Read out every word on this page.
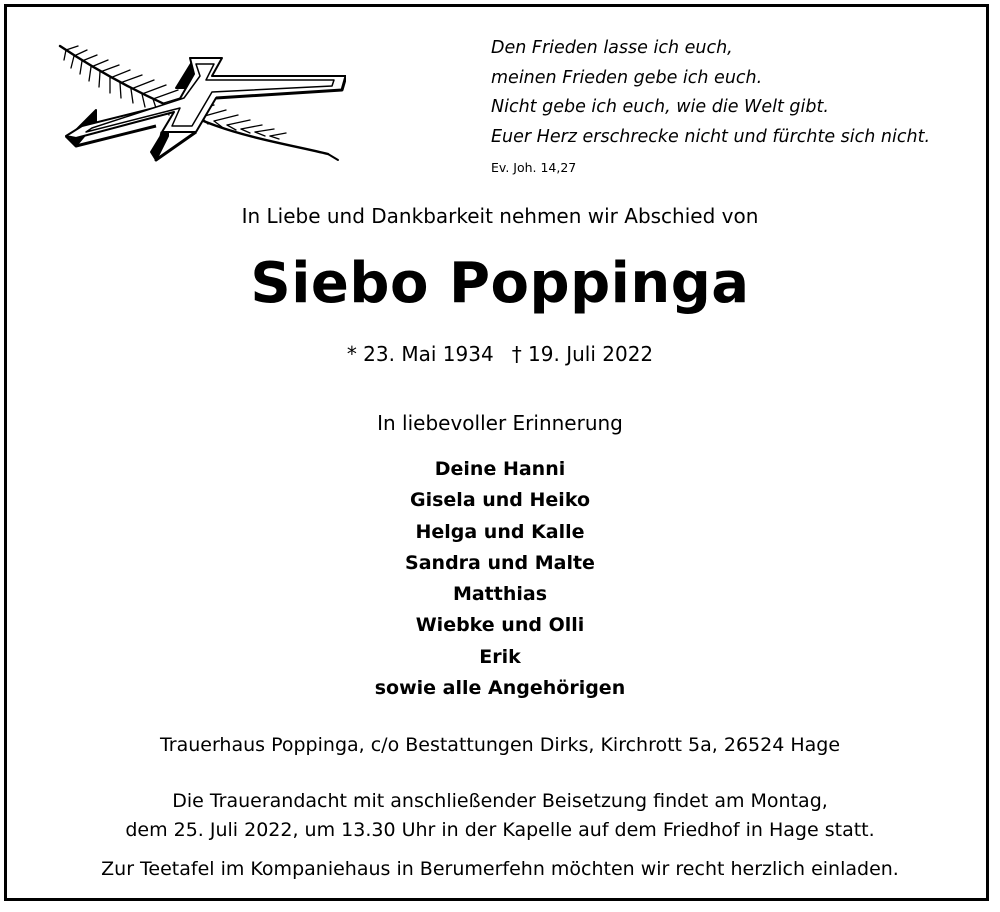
Den Frieden lasse ich euch,
meinen Frieden gebe ich euch.
Nicht gebe ich euch, wie die Welt gibt.
Euer Herz erschrecke nicht und fürchte sich nicht.
Ev. Joh. 14,27
In Liebe und Dankbarkeit nehmen wir Abschied von
Siebo Poppinga
* 23. Mai 1934 † 19. Juli 2022
In liebevoller Erinnerung
Deine Hanni
Gisela und Heiko
Helga und Kalle
Sandra und Malte
Matthias
Wiebke und Olli
Erik
sowie alle Angehörigen
Trauerhaus Poppinga, c/o Bestattungen Dirks, Kirchrott 5a, 26524 Hage
Die Trauerandacht mit anschließender Beisetzung findet am Montag,
dem 25. Juli 2022, um 13.30 Uhr in der Kapelle auf dem Friedhof in Hage statt.
Zur Teetafel im Kompaniehaus in Berumerfehn möchten wir recht herzlich einladen.
